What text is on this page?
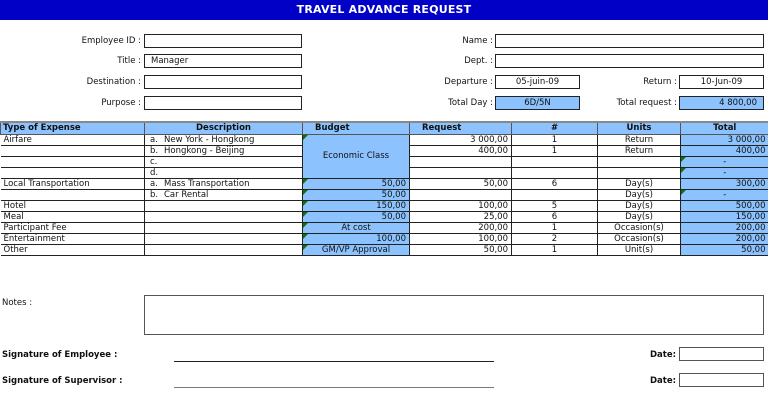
TRAVEL ADVANCE REQUEST
Employee ID :
Title :	Manager
Destination :
Purpose :
Name :
Dept. :
Departure :	05-juin-09	Return :	10-Jun-09
Total Day :	6D/5N	Total request :	4 800,00
Type of Expense	Description	Budget	Request	#	Units	Total
Airfare	a. New York - Hongkong	Economic Class	3 000,00	1	Return	3 000,00
	b. Hongkong - Beijing		400,00	1	Return	400,00
	c.					-
	d.					-
Local Transportation	a. Mass Transportation	50,00	50,00	6	Day(s)	300,00
	b. Car Rental	50,00			Day(s)	-
Hotel		150,00	100,00	5	Day(s)	500,00
Meal		50,00	25,00	6	Day(s)	150,00
Participant Fee		At cost	200,00	1	Occasion(s)	200,00
Entertainment		100,00	100,00	2	Occasion(s)	200,00
Other		GM/VP Approval	50,00	1	Unit(s)	50,00
Notes :
Signature of Employee :	Date:
Signature of Supervisor :	Date:
